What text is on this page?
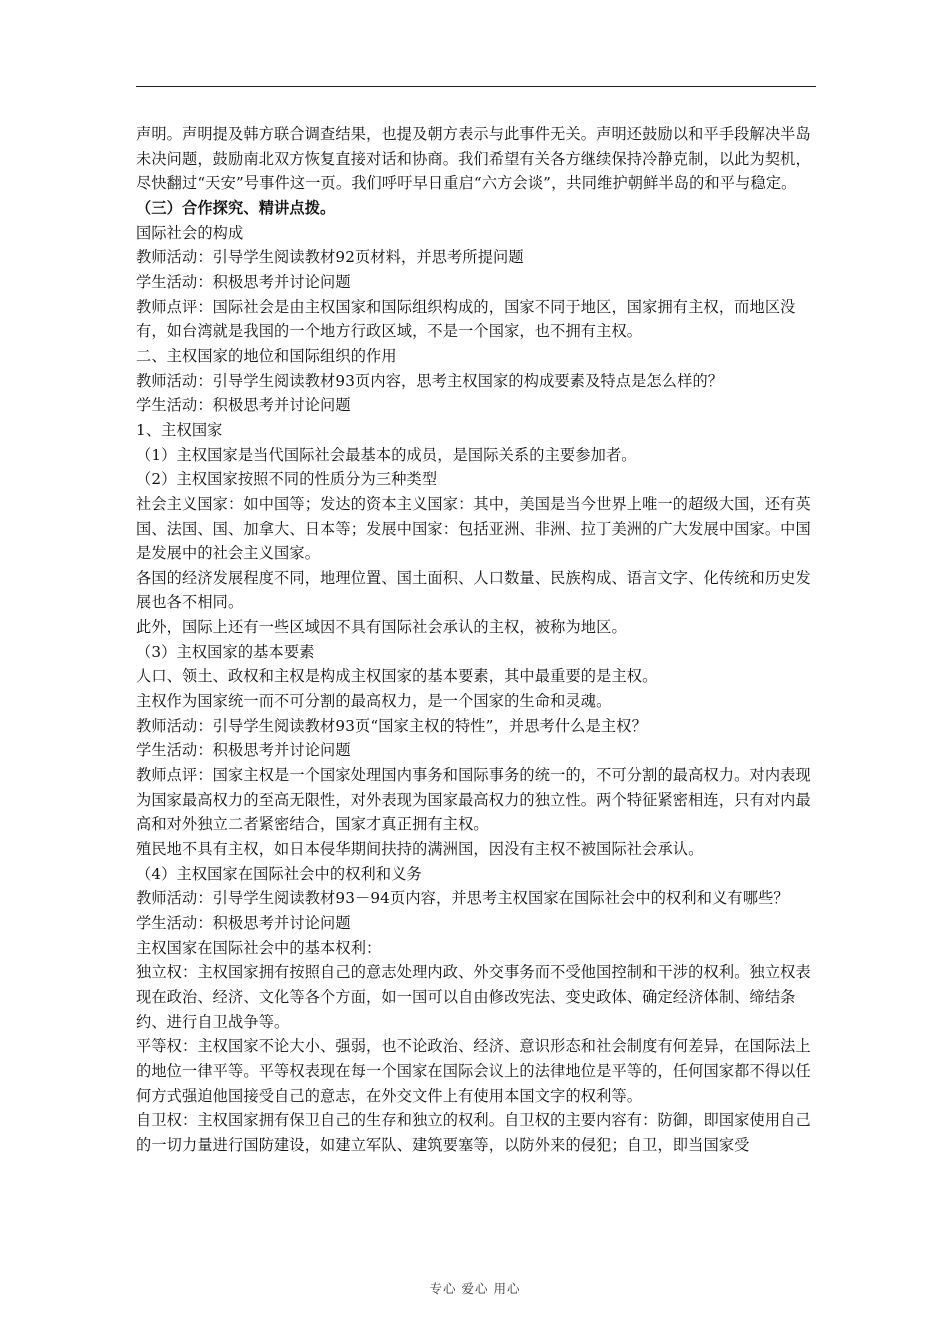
声明。声明提及韩方联合调查结果，也提及朝方表示与此事件无关。声明还鼓励以和平手段解决半岛未决问题，鼓励南北双方恢复直接对话和协商。我们希望有关各方继续保持冷静克制，以此为契机，尽快翻过“天安”号事件这一页。我们呼吁早日重启“六方会谈”，共同维护朝鲜半岛的和平与稳定。

（三）合作探究、精讲点拨。

国际社会的构成

教师活动：引导学生阅读教材92页材料，并思考所提问题

学生活动：积极思考并讨论问题

教师点评：国际社会是由主权国家和国际组织构成的，国家不同于地区，国家拥有主权，而地区没有，如台湾就是我国的一个地方行政区域，不是一个国家，也不拥有主权。

二、主权国家的地位和国际组织的作用

教师活动：引导学生阅读教材93页内容，思考主权国家的构成要素及特点是怎么样的？

学生活动：积极思考并讨论问题

1、主权国家

（1）主权国家是当代国际社会最基本的成员，是国际关系的主要参加者。

（2）主权国家按照不同的性质分为三种类型

社会主义国家：如中国等；发达的资本主义国家：其中，美国是当今世界上唯一的超级大国，还有英国、法国、国、加拿大、日本等；发展中国家：包括亚洲、非洲、拉丁美洲的广大发展中国家。中国是发展中的社会主义国家。

各国的经济发展程度不同，地理位置、国土面积、人口数量、民族构成、语言文字、化传统和历史发展也各不相同。

此外，国际上还有一些区域因不具有国际社会承认的主权，被称为地区。

（3）主权国家的基本要素

人口、领土、政权和主权是构成主权国家的基本要素，其中最重要的是主权。

主权作为国家统一而不可分割的最高权力，是一个国家的生命和灵魂。

教师活动：引导学生阅读教材93页“国家主权的特性”，并思考什么是主权？

学生活动：积极思考并讨论问题

教师点评：国家主权是一个国家处理国内事务和国际事务的统一的，不可分割的最高权力。对内表现为国家最高权力的至高无限性，对外表现为国家最高权力的独立性。两个特征紧密相连，只有对内最高和对外独立二者紧密结合，国家才真正拥有主权。

殖民地不具有主权，如日本侵华期间扶持的满洲国，因没有主权不被国际社会承认。

（4）主权国家在国际社会中的权利和义务

教师活动：引导学生阅读教材93－94页内容，并思考主权国家在国际社会中的权利和义有哪些？

学生活动：积极思考并讨论问题

主权国家在国际社会中的基本权利：

独立权：主权国家拥有按照自己的意志处理内政、外交事务而不受他国控制和干涉的权利。独立权表现在政治、经济、文化等各个方面，如一国可以自由修改宪法、变史政体、确定经济体制、缔结条约、进行自卫战争等。

平等权：主权国家不论大小、强弱，也不论政治、经济、意识形态和社会制度有何差异，在国际法上的地位一律平等。平等权表现在每一个国家在国际会议上的法律地位是平等的，任何国家都不得以任何方式强迫他国接受自己的意志，在外交文件上有使用本国文字的权利等。

自卫权：主权国家拥有保卫自己的生存和独立的权利。自卫权的主要内容有：防御，即国家使用自己的一切力量进行国防建设，如建立军队、建筑要塞等，以防外来的侵犯；自卫，即当国家受

专心 爱心 用心
